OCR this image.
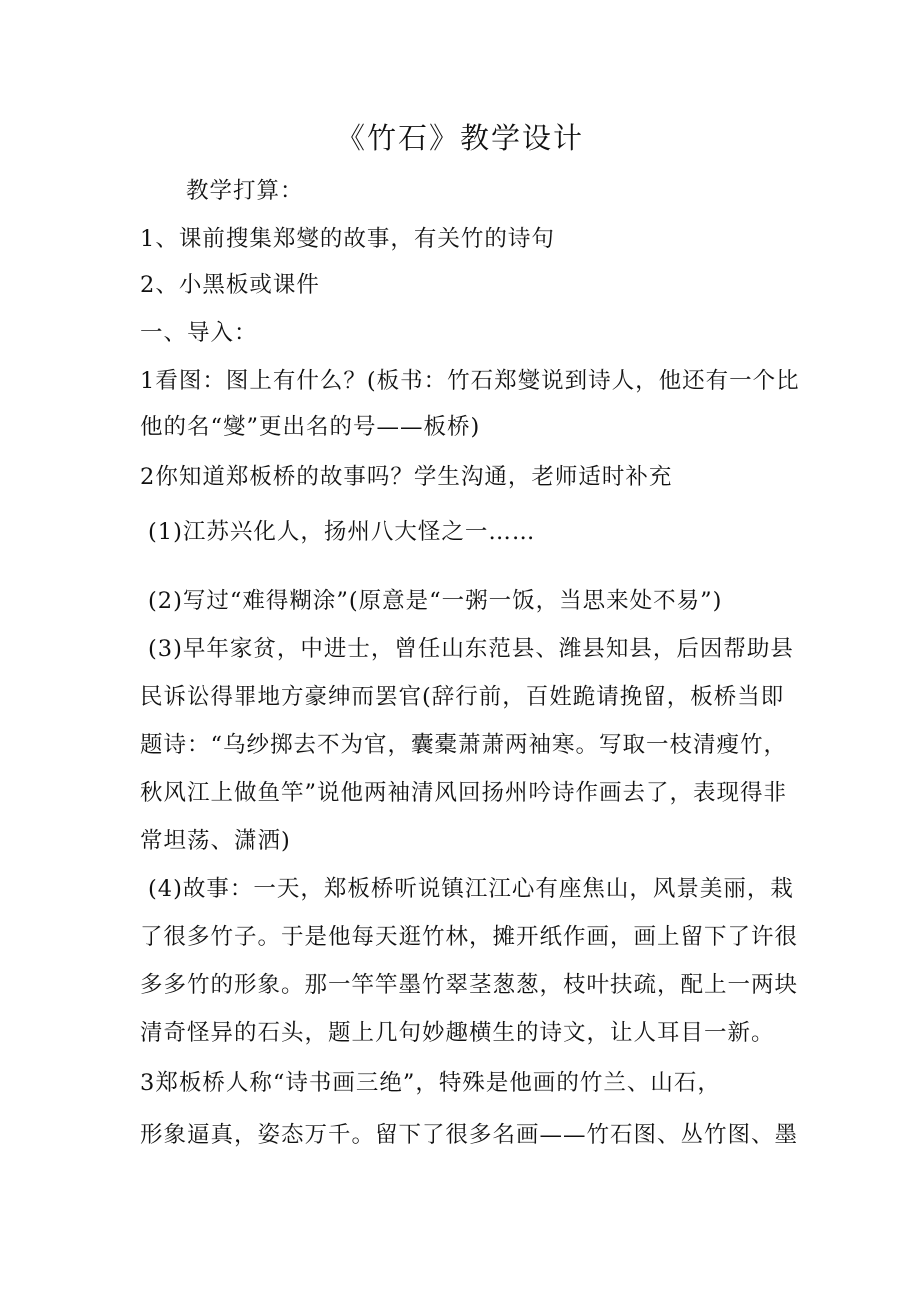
《竹石》教学设计
教学打算：
1、课前搜集郑燮的故事，有关竹的诗句
2、小黑板或课件
一、导入：
1看图：图上有什么？(板书：竹石郑燮说到诗人，他还有一个比
他的名“燮”更出名的号——板桥)
2你知道郑板桥的故事吗？学生沟通，老师适时补充
(1)江苏兴化人，扬州八大怪之一……
(2)写过“难得糊涂”(原意是“一粥一饭，当思来处不易”)
(3)早年家贫，中进士，曾任山东范县、潍县知县，后因帮助县
民诉讼得罪地方豪绅而罢官(辞行前，百姓跪请挽留，板桥当即
题诗：“乌纱掷去不为官，囊橐萧萧两袖寒。写取一枝清瘦竹，
秋风江上做鱼竿”说他两袖清风回扬州吟诗作画去了，表现得非
常坦荡、潇洒)
(4)故事：一天，郑板桥听说镇江江心有座焦山，风景美丽，栽
了很多竹子。于是他每天逛竹林，摊开纸作画，画上留下了许很
多多竹的形象。那一竿竿墨竹翠茎葱葱，枝叶扶疏，配上一两块
清奇怪异的石头，题上几句妙趣横生的诗文，让人耳目一新。
3郑板桥人称“诗书画三绝”，特殊是他画的竹兰、山石，
形象逼真，姿态万千。留下了很多名画——竹石图、丛竹图、墨
